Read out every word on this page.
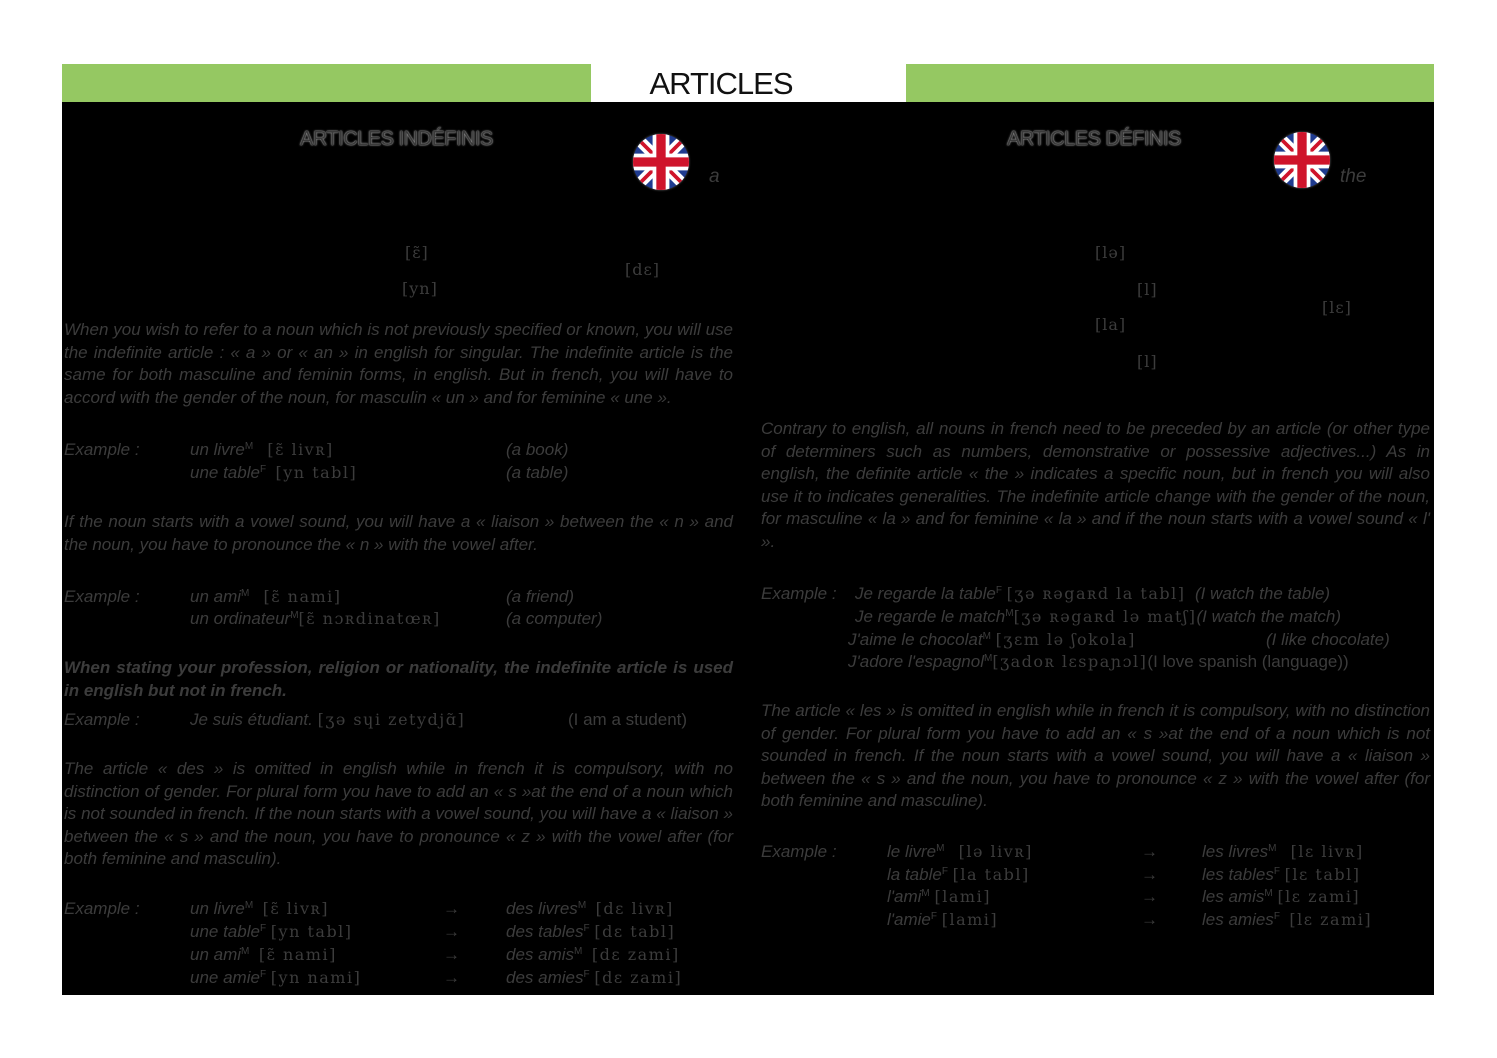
ARTICLES
ARTICLES INDÉFINIS
a
[ɛ̃]
[yn]
[dɛ]

When you wish to refer to a noun which is not previously specified or known, you will use the indefinite article : « a » or « an » in english for singular. The indefinite article is the same for both masculine and feminin forms, in english. But in french, you will have to accord with the gender of the noun, for masculin « un » and for feminine « une ».

Example :	un livre$^M$ [ɛ̃ livʀ]	(a book)
une table$^F$ [yn tabl]	(a table)

If the noun starts with a vowel sound, you will have a « liaison » between the « n » and the noun, you have to pronounce the « n » with the vowel after.

Example :	un ami$^M$ [ɛ̃ nami]	(a friend)
un ordinateur$^M$[ɛ̃ nɔʀdinatœʀ]	(a computer)

When stating your profession, religion or nationality, the indefinite article is used in english but not in french.

Example :	Je suis étudiant. [ʒə sɥi zetydjɑ̃]	(I am a student)

The article « des » is omitted in english while in french it is compulsory, with no distinction of gender. For plural form you have to add an « s »at the end of a noun which is not sounded in french. If the noun starts with a vowel sound, you will have a « liaison » between the « s » and the noun, you have to pronounce « z » with the vowel after (for both feminine and masculin).

Example :	un livre$^M$ [ɛ̃ livʀ]	→	des livres$^M$ [dɛ livʀ]
une table$^F$ [yn tabl]	→	des tables$^F$ [dɛ tabl]
un ami$^M$ [ɛ̃ nami]	→	des amis$^M$ [dɛ zami]
une amie$^F$ [yn nami]	→	des amies$^F$ [dɛ zami]
ARTICLES DÉFINIS
the
[lə]
[l]
[la]
[l]
[lɛ]

Contrary to english, all nouns in french need to be preceded by an article (or other type of determiners such as numbers, demonstrative or possessive adjectives...) As in english, the definite article « the » indicates a specific noun, but in french you will also use it to indicates generalities. The indefinite article change with the gender of the noun, for masculine « la » and for feminine « la » and if the noun starts with a vowel sound « l' ».

Example : Je regarde la table$^F$ [ʒə ʀəgaʀd la tabl] (I watch the table)
Je regarde le match$^M$[ʒə ʀəgaʀd lə matʃ](I watch the match)
J'aime le chocolat$^M$ [ʒɛm lə ʃokola]	(I like chocolate)
J'adore l'espagnol$^M$[ʒadoʀ lɛspaɲɔl](I love spanish (language))

The article « les » is omitted in english while in french it is compulsory, with no distinction of gender. For plural form you have to add an « s »at the end of a noun which is not sounded in french. If the noun starts with a vowel sound, you will have a « liaison » between the « s » and the noun, you have to pronounce « z » with the vowel after (for both feminine and masculine).

Example :	le livre$^M$ [lə livʀ]	→	les livres$^M$ [lɛ livʀ]
la table$^F$ [la tabl]	→	les tables$^F$ [lɛ tabl]
l'ami$^M$ [lami]	→	les amis$^M$ [lɛ zami]
l'amie$^F$ [lami]	→	les amies$^F$ [lɛ zami]
